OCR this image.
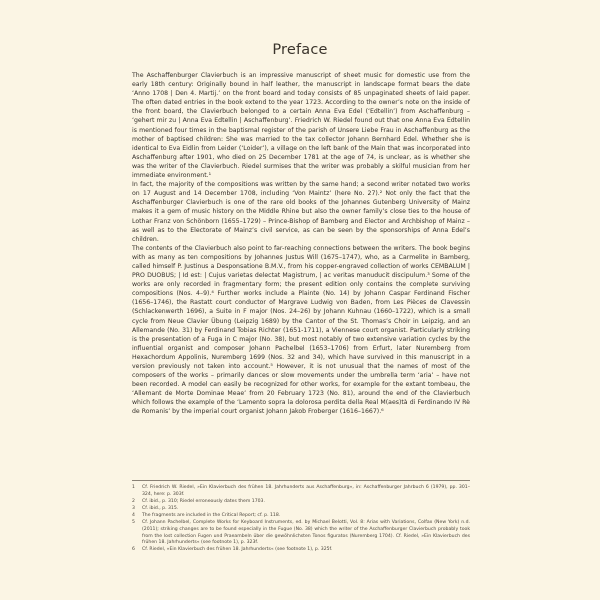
Preface

The Aschaffenburger Clavierbuch is an impressive manuscript of sheet music for domestic use from the early 18th century: Originally bound in half leather, the manuscript in landscape format bears the date ‘Anno 1708 | Den 4. Martij.’ on the front board and today consists of 85 unpaginated sheets of laid paper. The often dated entries in the book extend to the year 1723. According to the owner’s note on the inside of the front board, the Clavierbuch belonged to a certain Anna Eva Edel (‘Edtellin’) from Aschaffenburg – ‘gehert mir zu | Anna Eva Edtellin | Aschaffenburg’. Friedrich W. Riedel found out that one Anna Eva Edtellin is mentioned four times in the baptismal register of the parish of Unsere Liebe Frau in Aschaffenburg as the mother of baptised children: She was married to the tax collector Johann Bernhard Edel. Whether she is identical to Eva Eidlin from Leider (‘Loider’), a village on the left bank of the Main that was incorporated into Aschaffenburg after 1901, who died on 25 December 1781 at the age of 74, is unclear, as is whether she was the writer of the Clavierbuch. Riedel surmises that the writer was probably a skilful musician from her immediate environment.¹

In fact, the majority of the compositions was written by the same hand; a second writer notated two works on 17 August and 14 December 1708, including ‘Von Maintz’ (here No. 27).² Not only the fact that the Aschaffenburger Clavierbuch is one of the rare old books of the Johannes Gutenberg University of Mainz makes it a gem of music history on the Middle Rhine but also the owner family’s close ties to the house of Lothar Franz von Schönborn (1655–1729) – Prince-Bishop of Bamberg and Elector and Archbishop of Mainz – as well as to the Electorate of Mainz’s civil service, as can be seen by the sponsorships of Anna Edel’s children.

The contents of the Clavierbuch also point to far-reaching connections between the writers. The book begins with as many as ten compositions by Johannes Justus Will (1675–1747), who, as a Carmelite in Bamberg, called himself P. Justinus a Desponsatione B.M.V., from his copper-engraved collection of works CEMBALUM | PRO DUOBUS; | Id est: | Cujus varietas delectat Magistrum, | ac veritas manuducit discipulum.³ Some of the works are only recorded in fragmentary form; the present edition only contains the complete surviving compositions (Nos. 4–9).⁴ Further works include a Plainte (No. 14) by Johann Caspar Ferdinand Fischer (1656–1746), the Rastatt court conductor of Margrave Ludwig von Baden, from Les Pièces de Clavessin (Schlackenwerth 1696), a Suite in F major (Nos. 24–26) by Johann Kuhnau (1660–1722), which is a small cycle from Neue Clavier Übung (Leipzig 1689) by the Cantor of the St. Thomas’s Choir in Leipzig, and an Allemande (No. 31) by Ferdinand Tobias Richter (1651-1711), a Viennese court organist. Particularly striking is the presentation of a Fuga in C major (No. 38), but most notably of two extensive variation cycles by the influential organist and composer Johann Pachelbel (1653–1706) from Erfurt, later Nuremberg from Hexachordum Appolinis, Nuremberg 1699 (Nos. 32 and 34), which have survived in this manuscript in a version previously not taken into account.⁵ However, it is not unusual that the names of most of the composers of the works – primarily dances or slow movements under the umbrella term ‘aria’ – have not been recorded. A model can easily be recognized for other works, for example for the extant tombeau, the ‘Allemant de Morte Dominae Meae’ from 20 February 1723 (No. 81), around the end of the Clavierbuch which follows the example of the ‘Lamento sopra la dolorosa perdita della Real M(aes)tà di Ferdinando IV Rè de Romanis’ by the imperial court organist Johann Jakob Froberger (1616–1667).⁶

1	Cf. Friedrich W. Riedel, »Ein Klavierbuch des frühen 18. Jahrhunderts aus Aschaffenburg«, in: Aschaffenburger Jahrbuch 6 (1979), pp. 301–324, here: p. 303f.
2	Cf. ibid., p. 310; Riedel erroneously dates them 1703.
3	Cf. ibid., p. 315.
4	The fragments are included in the Critical Report; cf. p. 118.
5	Cf. Johann Pachelbel, Complete Works for Keyboard Instruments, ed. by Michael Belotti, Vol. 8: Arias with Variations, Colfax (New York) n.d. (2011); striking changes are to be found especially in the Fugue (No. 38) which the writer of the Aschaffenburger Clavierbuch probably took from the lost collection Fugen und Praeambeln über die gewöhnlichsten Tonos figuratos (Nuremberg 1704). Cf. Riedel, »Ein Klavierbuch des frühen 18. Jahrhunderts« (see footnote 1), p. 323f.
6	Cf. Riedel, »Ein Klavierbuch des frühen 18. Jahrhunderts« (see footnote 1), p. 325f.
